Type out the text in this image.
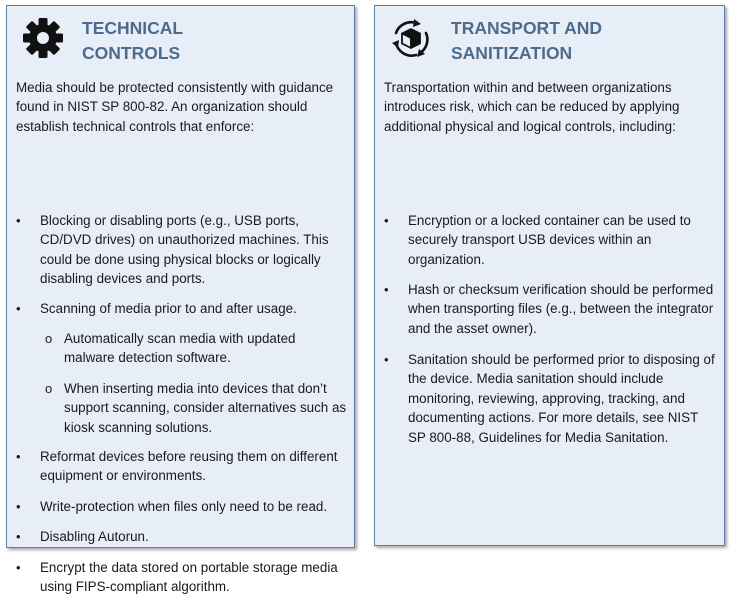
TECHNICAL
CONTROLS

Media should be protected consistently with guidance found in NIST SP 800-82. An organization should establish technical controls that enforce:

• Blocking or disabling ports (e.g., USB ports, CD/DVD drives) on unauthorized machines. This could be done using physical blocks or logically disabling devices and ports.
• Scanning of media prior to and after usage.
o Automatically scan media with updated malware detection software.
o When inserting media into devices that don’t support scanning, consider alternatives such as kiosk scanning solutions.
• Reformat devices before reusing them on different equipment or environments.
• Write-protection when files only need to be read.
• Disabling Autorun.
• Encrypt the data stored on portable storage media using FIPS-compliant algorithm.
TRANSPORT AND
SANITIZATION

Transportation within and between organizations introduces risk, which can be reduced by applying additional physical and logical controls, including:

• Encryption or a locked container can be used to securely transport USB devices within an organization.
• Hash or checksum verification should be performed when transporting files (e.g., between the integrator and the asset owner).
• Sanitation should be performed prior to disposing of the device. Media sanitation should include monitoring, reviewing, approving, tracking, and documenting actions. For more details, see NIST SP 800-88, Guidelines for Media Sanitation.
